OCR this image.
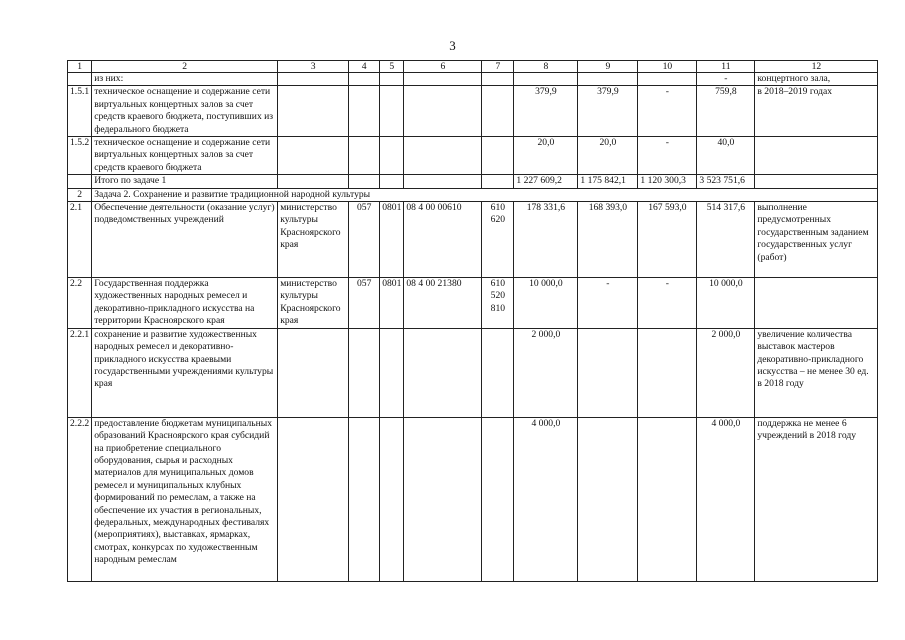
3
1	2	3	4	5	6	7	8	9	10	11	12
	из них:									-	концертного зала,
1.5.1	техническое оснащение и содержание сети виртуальных концертных залов за счет средств краевого бюджета, поступивших из федерального бюджета						379,9	379,9	-	759,8	в 2018–2019 годах
1.5.2	техническое оснащение и содержание сети виртуальных концертных залов за счет средств краевого бюджета						20,0	20,0	-	40,0	
	Итого по задаче 1						1 227 609,2	1 175 842,1	1 120 300,3	3 523 751,6	
2	Задача 2. Сохранение и развитие традиционной народной культуры										
2.1	Обеспечение деятельности (оказание услуг) подведомственных учреждений	министерство культуры Красноярского края	057	0801	08 4 00 00610	610 620	178 331,6	168 393,0	167 593,0	514 317,6	выполнение предусмотренных государственным заданием государственных услуг (работ)
2.2	Государственная поддержка художественных народных ремесел и декоративно-прикладного искусства на территории Красноярского края	министерство культуры Красноярского края	057	0801	08 4 00 21380	610 520 810	10 000,0	-	-	10 000,0	
2.2.1	сохранение и развитие художественных народных ремесел и декоративно-прикладного искусства краевыми государственными учреждениями культуры края						2 000,0			2 000,0	увеличение количества выставок мастеров декоративно-прикладного искусства – не менее 30 ед. в 2018 году
2.2.2	предоставление бюджетам муниципальных образований Красноярского края субсидий на приобретение специального оборудования, сырья и расходных материалов для муниципальных домов ремесел и муниципальных клубных формирований по ремеслам, а также на обеспечение их участия в региональных, федеральных, международных фестивалях (мероприятиях), выставках, ярмарках, смотрах, конкурсах по художественным народным ремеслам						4 000,0			4 000,0	поддержка не менее 6 учреждений в 2018 году
